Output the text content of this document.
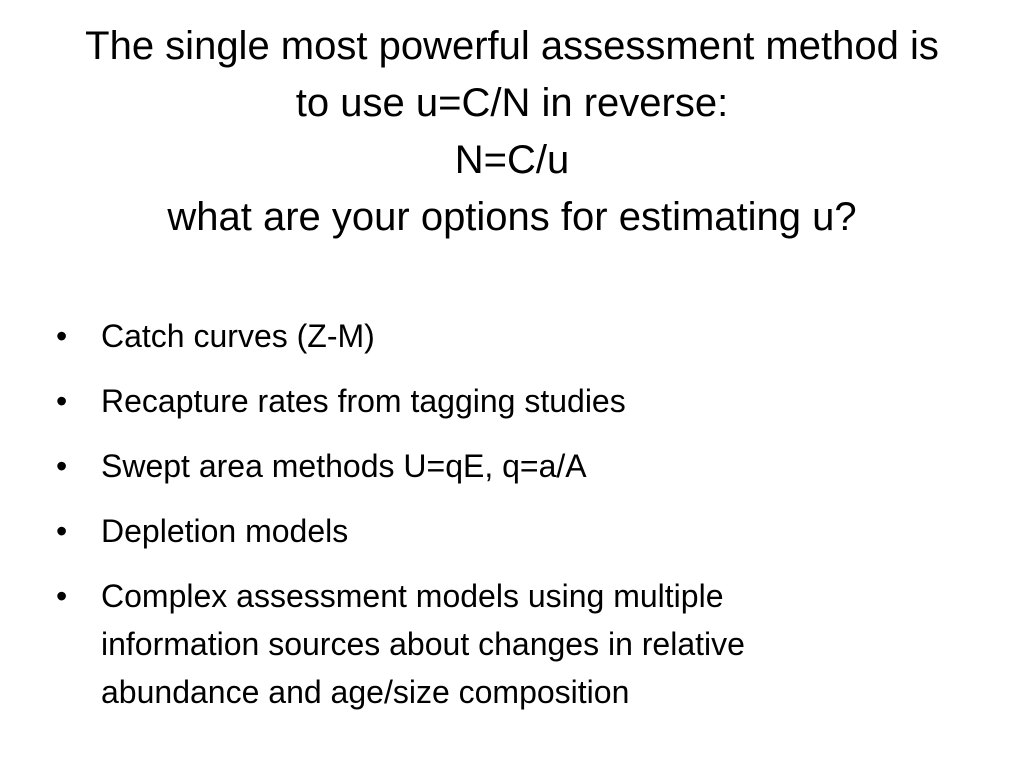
The single most powerful assessment method is
to use u=C/N in reverse:
N=C/u
what are your options for estimating u?
• Catch curves (Z-M)
• Recapture rates from tagging studies
• Swept area methods U=qE, q=a/A
• Depletion models
• Complex assessment models using multiple
information sources about changes in relative
abundance and age/size composition
